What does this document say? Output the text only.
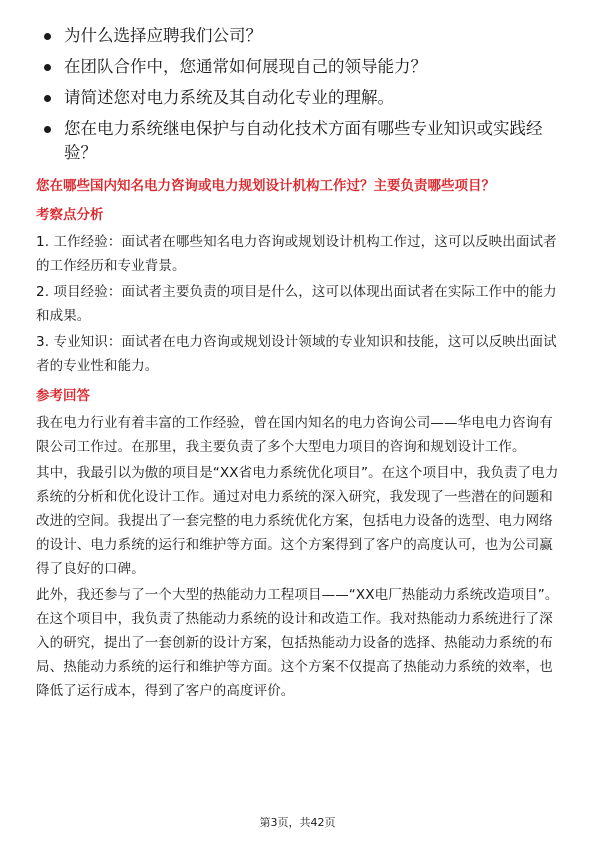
为什么选择应聘我们公司？
在团队合作中，您通常如何展现自己的领导能力？
请简述您对电力系统及其自动化专业的理解。
您在电力系统继电保护与自动化技术方面有哪些专业知识或实践经验？

您在哪些国内知名电力咨询或电力规划设计机构工作过？主要负责哪些项目？

考察点分析

1. 工作经验：面试者在哪些知名电力咨询或规划设计机构工作过，这可以反映出面试者的工作经历和专业背景。

2. 项目经验：面试者主要负责的项目是什么，这可以体现出面试者在实际工作中的能力和成果。

3. 专业知识：面试者在电力咨询或规划设计领域的专业知识和技能，这可以反映出面试者的专业性和能力。

参考回答

我在电力行业有着丰富的工作经验，曾在国内知名的电力咨询公司——华电电力咨询有限公司工作过。在那里，我主要负责了多个大型电力项目的咨询和规划设计工作。

其中，我最引以为傲的项目是“XX省电力系统优化项目”。在这个项目中，我负责了电力系统的分析和优化设计工作。通过对电力系统的深入研究，我发现了一些潜在的问题和改进的空间。我提出了一套完整的电力系统优化方案，包括电力设备的选型、电力网络的设计、电力系统的运行和维护等方面。这个方案得到了客户的高度认可，也为公司赢得了良好的口碑。

此外，我还参与了一个大型的热能动力工程项目——“XX电厂热能动力系统改造项目”。在这个项目中，我负责了热能动力系统的设计和改造工作。我对热能动力系统进行了深入的研究，提出了一套创新的设计方案，包括热能动力设备的选择、热能动力系统的布局、热能动力系统的运行和维护等方面。这个方案不仅提高了热能动力系统的效率，也降低了运行成本，得到了客户的高度评价。

第3页，共42页
